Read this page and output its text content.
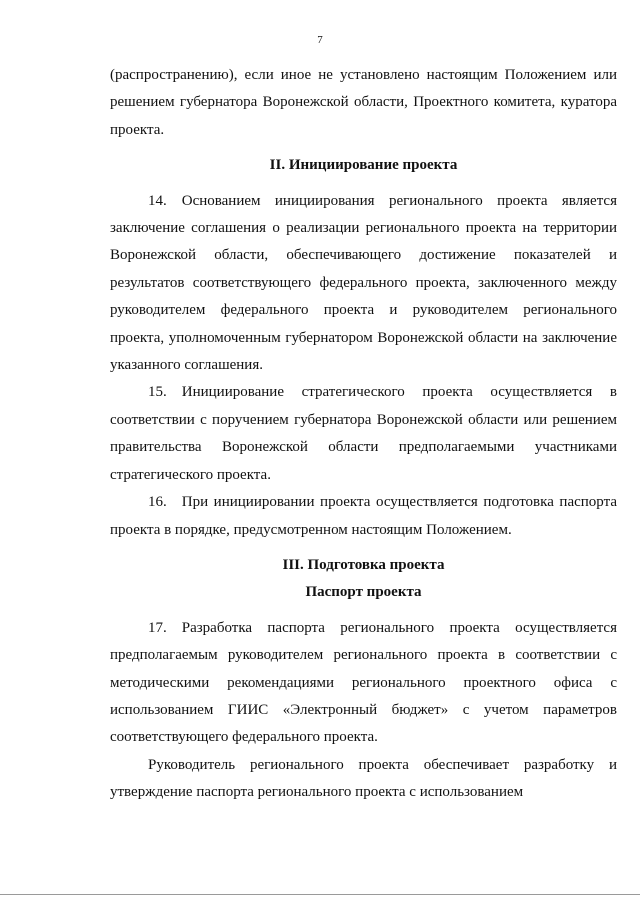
7

(распространению), если иное не установлено настоящим Положением или решением губернатора Воронежской области, Проектного комитета, куратора проекта.

II. Инициирование проекта

14. Основанием инициирования регионального проекта является заключение соглашения о реализации регионального проекта на территории Воронежской области, обеспечивающего достижение показателей и результатов соответствующего федерального проекта, заключенного между руководителем федерального проекта и руководителем регионального проекта, уполномоченным губернатором Воронежской области на заключение указанного соглашения.

15. Инициирование стратегического проекта осуществляется в соответствии с поручением губернатора Воронежской области или решением правительства Воронежской области предполагаемыми участниками стратегического проекта.

16. При инициировании проекта осуществляется подготовка паспорта проекта в порядке, предусмотренном настоящим Положением.

III. Подготовка проекта
Паспорт проекта

17. Разработка паспорта регионального проекта осуществляется предполагаемым руководителем регионального проекта в соответствии с методическими рекомендациями регионального проектного офиса с использованием ГИИС «Электронный бюджет» с учетом параметров соответствующего федерального проекта.

Руководитель регионального проекта обеспечивает разработку и утверждение паспорта регионального проекта с использованием
